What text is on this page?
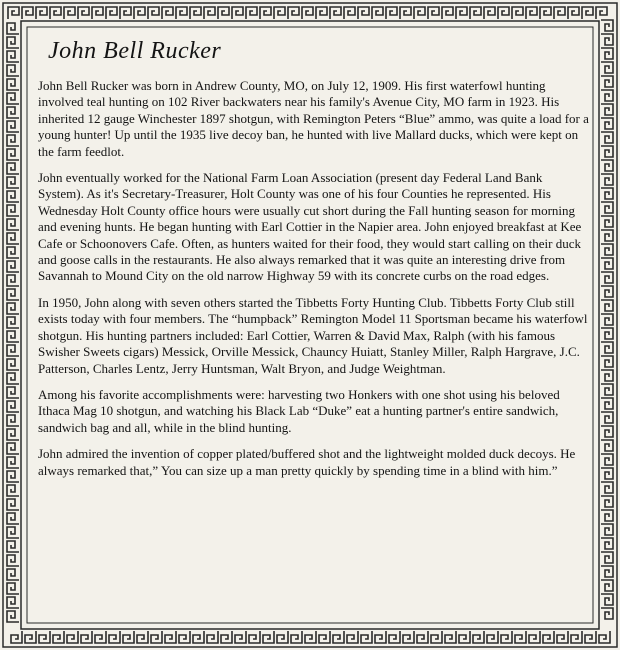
John Bell Rucker

John Bell Rucker was born in Andrew County, MO, on July 12, 1909. His first waterfowl hunting involved teal hunting on 102 River backwaters near his family's Avenue City, MO farm in 1923. His inherited 12 gauge Winchester 1897 shotgun, with Remington Peters “Blue” ammo, was quite a load for a young hunter! Up until the 1935 live decoy ban, he hunted with live Mallard ducks, which were kept on the farm feedlot.

John eventually worked for the National Farm Loan Association (present day Federal Land Bank System). As it's Secretary-Treasurer, Holt County was one of his four Counties he represented. His Wednesday Holt County office hours were usually cut short during the Fall hunting season for morning and evening hunts. He began hunting with Earl Cottier in the Napier area. John enjoyed breakfast at Kee Cafe or Schoonovers Cafe. Often, as hunters waited for their food, they would start calling on their duck and goose calls in the restaurants. He also always remarked that it was quite an interesting drive from Savannah to Mound City on the old narrow Highway 59 with its concrete curbs on the road edges.

In 1950, John along with seven others started the Tibbetts Forty Hunting Club. Tibbetts Forty Club still exists today with four members. The “humpback” Remington Model 11 Sportsman became his waterfowl shotgun. His hunting partners included: Earl Cottier, Warren & David Max, Ralph (with his famous Swisher Sweets cigars) Messick, Orville Messick, Chauncy Huiatt, Stanley Miller, Ralph Hargrave, J.C. Patterson, Charles Lentz, Jerry Huntsman, Walt Bryon, and Judge Weightman.

Among his favorite accomplishments were: harvesting two Honkers with one shot using his beloved Ithaca Mag 10 shotgun, and watching his Black Lab “Duke” eat a hunting partner's entire sandwich, sandwich bag and all, while in the blind hunting.

John admired the invention of copper plated/buffered shot and the lightweight molded duck decoys. He always remarked that,” You can size up a man pretty quickly by spending time in a blind with him.”
